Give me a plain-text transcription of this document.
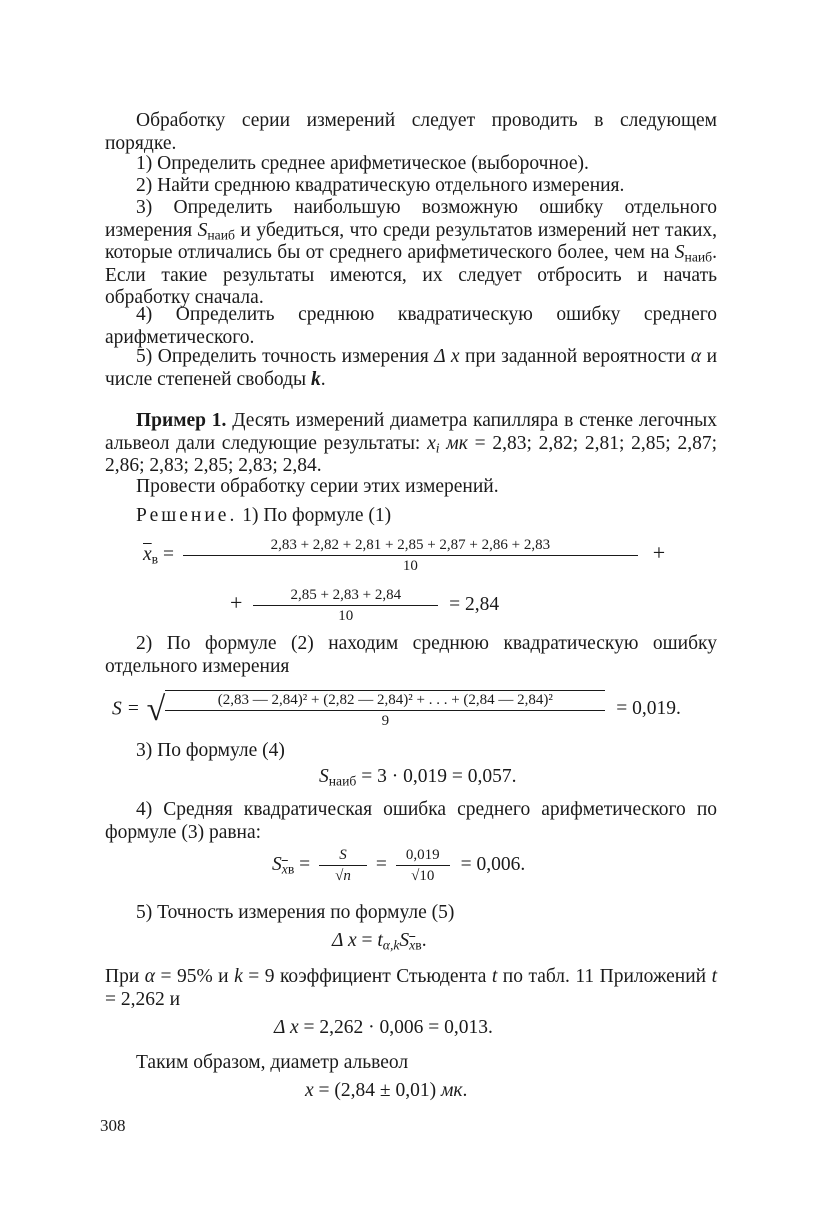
Обработку серии измерений следует проводить в следующем порядке.
1) Определить среднее арифметическое (выборочное).
2) Найти среднюю квадратическую отдельного измерения.
3) Определить наибольшую возможную ошибку отдельного измерения $S_{наиб}$ и убедиться, что среди результатов измерений нет таких, которые отличались бы от среднего арифметического более, чем на $S_{наиб}$. Если такие результаты имеются, их следует отбросить и начать обработку сначала.
4) Определить среднюю квадратическую ошибку среднего арифметического.
5) Определить точность измерения Δ x при заданной вероятности α и числе степеней свободы k.
Пример 1. Десять измерений диаметра капилляра в стенке легочных альвеол дали следующие результаты: $x_i$ мк = 2,83; 2,82; 2,81; 2,85; 2,87; 2,86; 2,83; 2,85; 2,83; 2,84.
Провести обработку серии этих измерений.
Решение. 1) По формуле (1)
$\overline{x}_в = \frac{2,83 + 2,82 + 2,81 + 2,85 + 2,87 + 2,86 + 2,83}{10}$ +
+ $\frac{2,85 + 2,83 + 2,84}{10} = 2,84$
2) По формуле (2) находим среднюю квадратическую ошибку отдельного измерения
S = √ $\frac{\text{(2,83 — 2,84)² + (2,82 — 2,84)² + . . . + (2,84 — 2,84)²}}{9} = 0,019$.
3) По формуле (4)
$S_{наиб} = 3 \cdot 0,019 = 0,057$.
4) Средняя квадратическая ошибка среднего арифметического по формуле (3) равна:
$S_{\overline{x}в} = \frac{S}{√n} = \frac{0,019}{√10} = 0,006$.
5) Точность измерения по формуле (5)
Δ $x = t_{\alpha,k}S_{\overline{x}в}$.
При α = 95% и k = 9 коэффициент Стьюдента t по табл. 11 Приложений t = 2,262 и
Δ x = 2,262 · 0,006 = 0,013.
Таким образом, диаметр альвеол
x = (2,84 ± 0,01) мк.
308
